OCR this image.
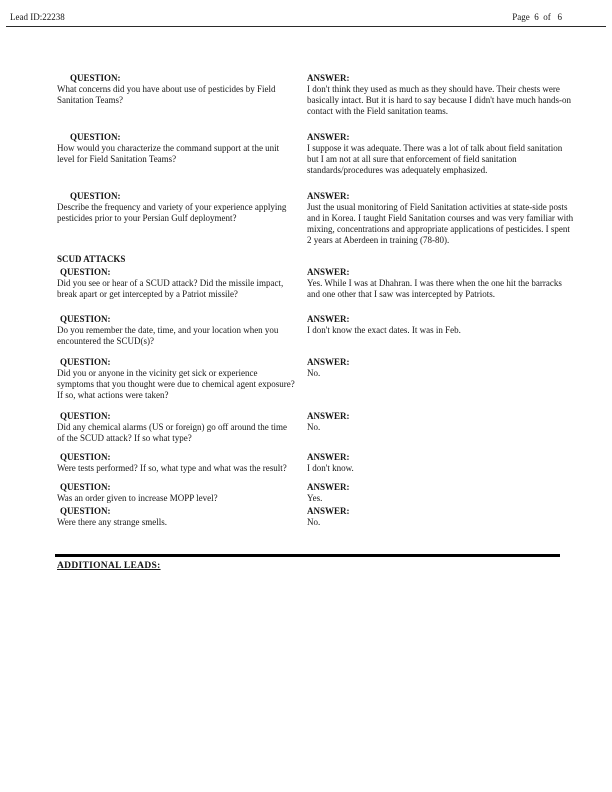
Lead ID:22238	Page  6  of   6
QUESTION:
What concerns did you have about use of pesticides by Field Sanitation Teams?
ANSWER:
I don't think they used as much as they should have. Their chests were basically intact. But it is hard to say because I didn't have much hands-on contact with the Field sanitation teams.
QUESTION:
How would you characterize the command support at the unit level for Field Sanitation Teams?
ANSWER:
I suppose it was adequate. There was a lot of talk about field sanitation but I am not at all sure that enforcement of field sanitation standards/procedures was adequately emphasized.
QUESTION:
Describe the frequency and variety of your experience applying pesticides prior to your Persian Gulf deployment?
ANSWER:
Just the usual monitoring of Field Sanitation activities at state-side posts and in Korea. I taught Field Sanitation courses and was very familiar with mixing, concentrations and appropriate applications of pesticides. I spent 2 years at Aberdeen in training (78-80).
SCUD ATTACKS
QUESTION:
Did you see or hear of a SCUD attack? Did the missile impact, break apart or get intercepted by a Patriot missile?
ANSWER:
Yes. While I was at Dhahran. I was there when the one hit the barracks and one other that I saw was intercepted by Patriots.
QUESTION:
Do you remember the date, time, and your location when you encountered the SCUD(s)?
ANSWER:
I don't know the exact dates. It was in Feb.
QUESTION:
Did you or anyone in the vicinity get sick or experience symptoms that you thought were due to chemical agent exposure? If so, what actions were taken?
ANSWER:
No.
QUESTION:
Did any chemical alarms (US or foreign) go off around the time of the SCUD attack? If so what type?
ANSWER:
No.
QUESTION:
Were tests performed? If so, what type and what was the result?
ANSWER:
I don't know.
QUESTION:
Was an order given to increase MOPP level?
ANSWER:
Yes.
QUESTION:
Were there any strange smells.
ANSWER:
No.
ADDITIONAL LEADS:
